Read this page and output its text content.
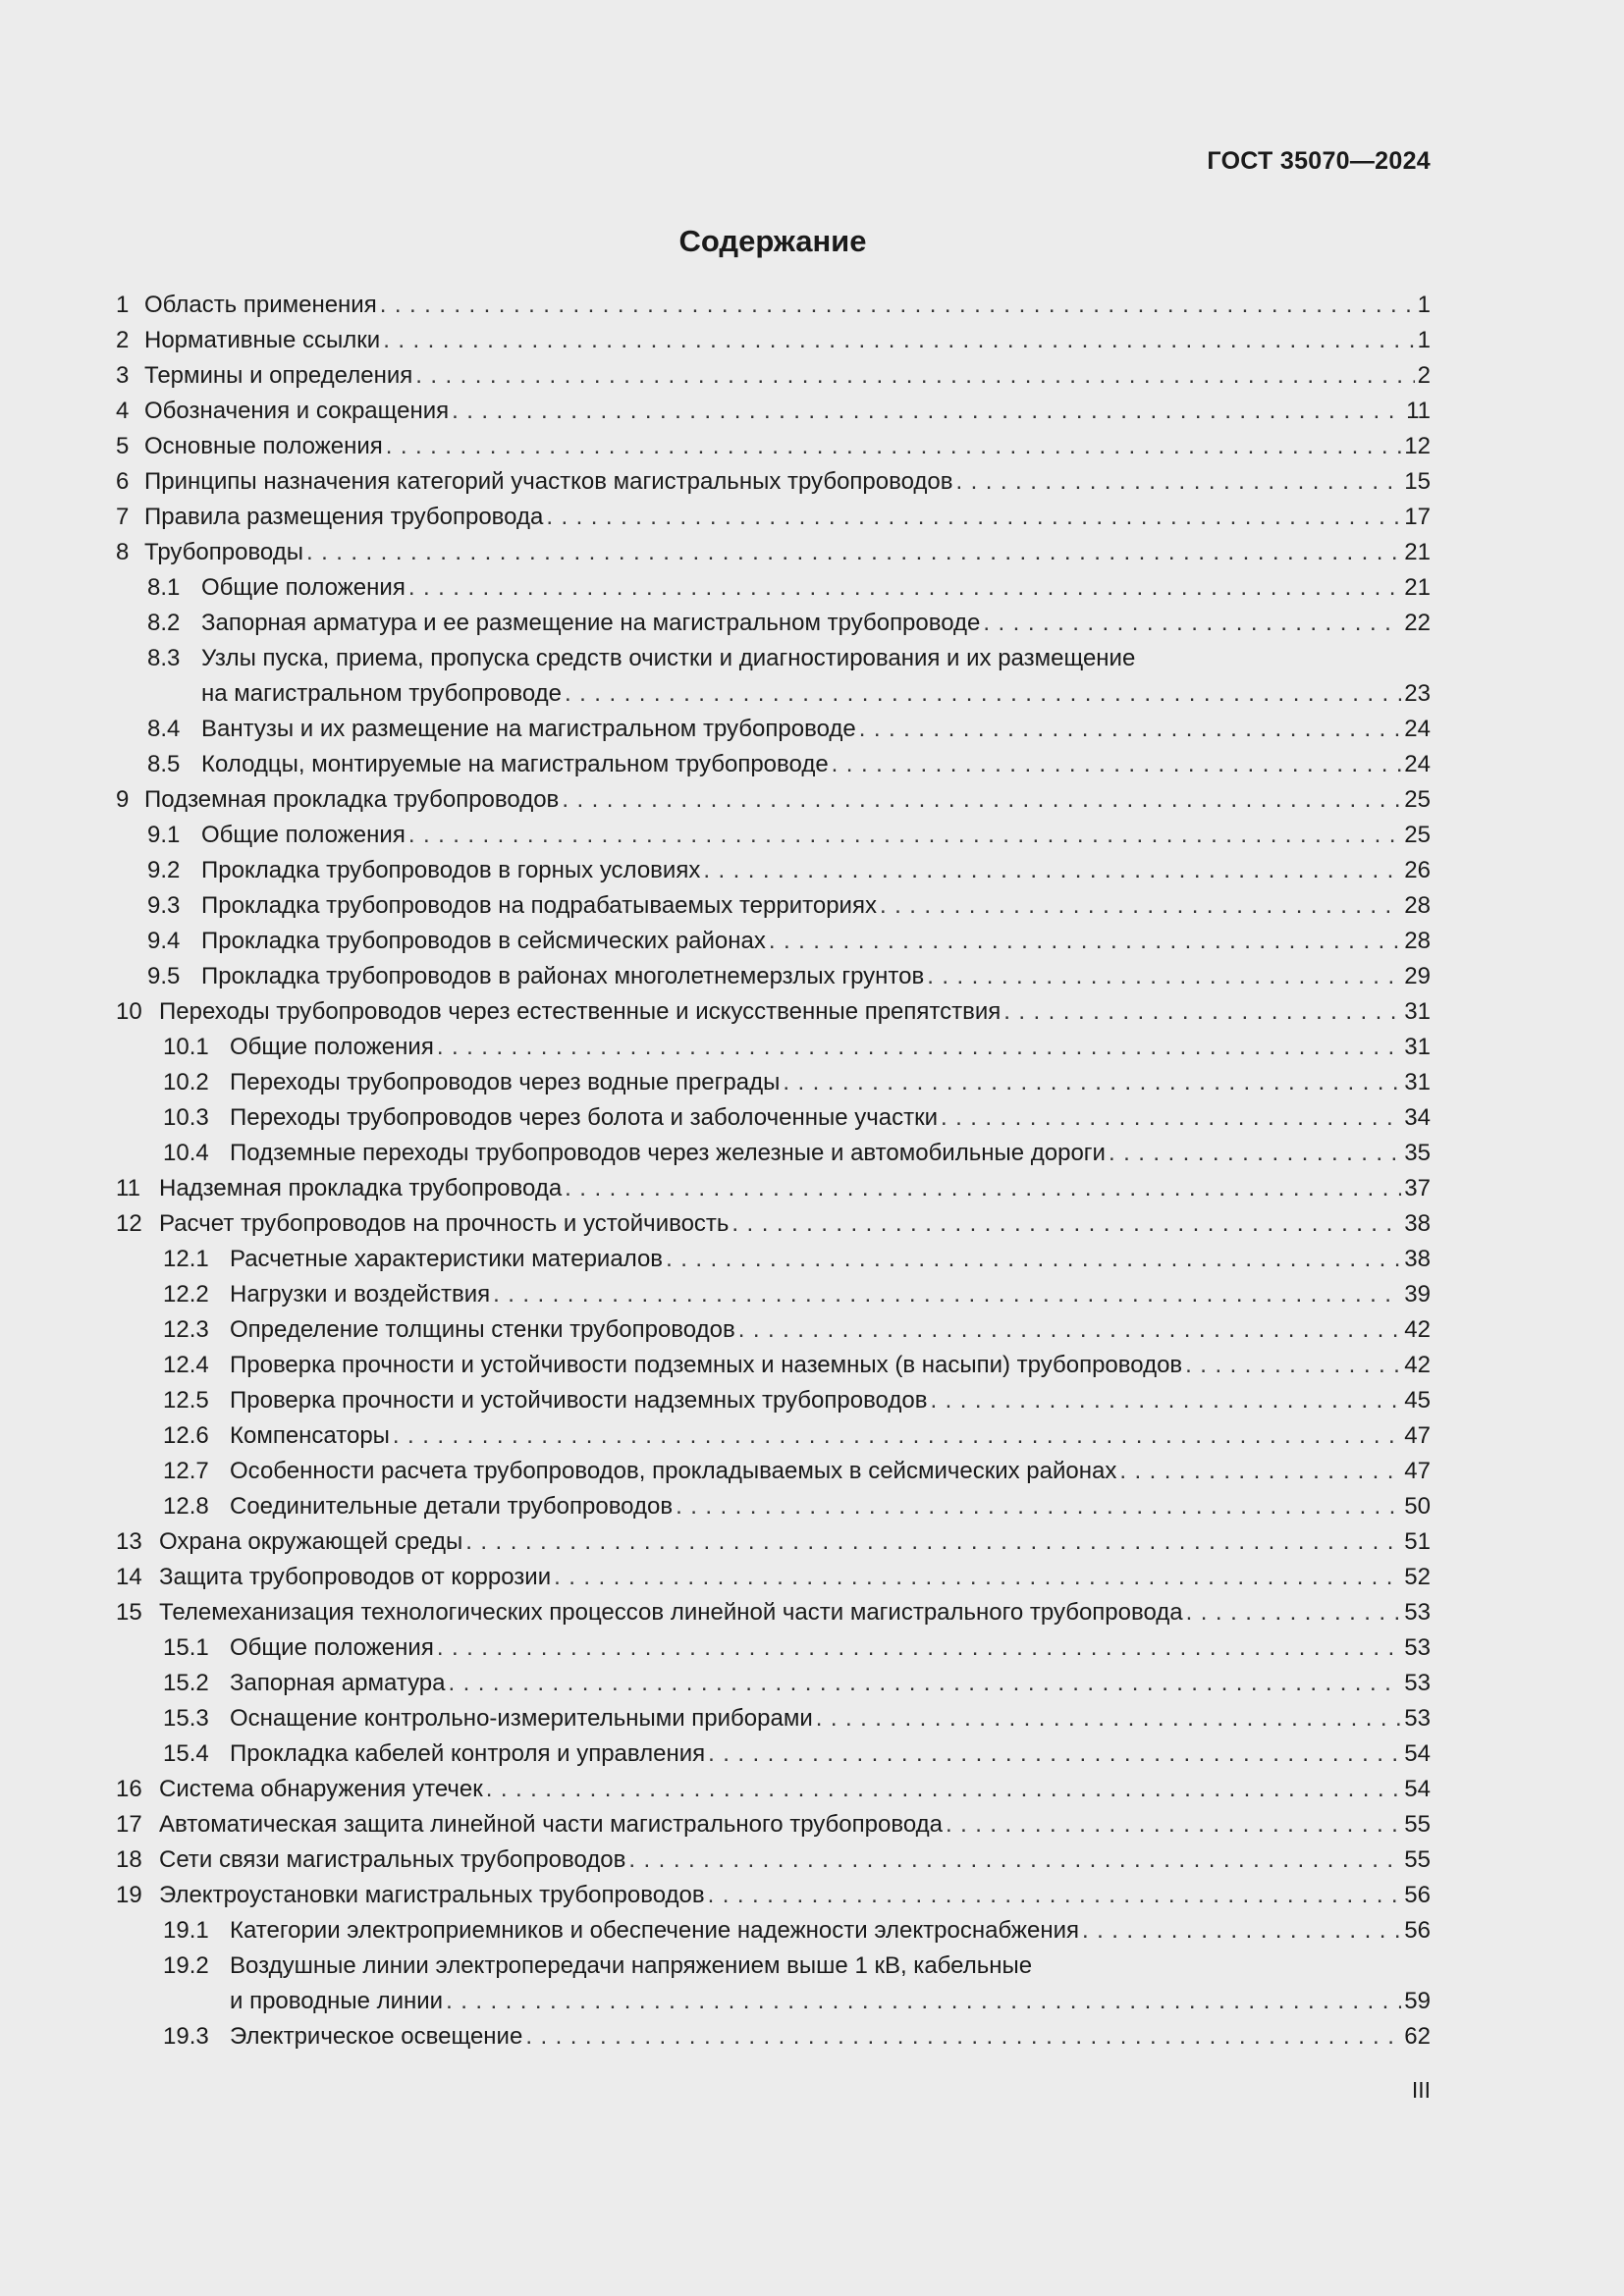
ГОСТ 35070—2024
Содержание
1 Область применения . . .	1
2 Нормативные ссылки . . .	1
3 Термины и определения . . .	2
4 Обозначения и сокращения . . .	11
5 Основные положения . . .	12
6 Принципы назначения категорий участков магистральных трубопроводов . . .	15
7 Правила размещения трубопровода . . .	17
8 Трубопроводы . . .	21
8.1 Общие положения . . .	21
8.2 Запорная арматура и ее размещение на магистральном трубопроводе . . .	22
8.3 Узлы пуска, приема, пропуска средств очистки и диагностирования и их размещение
на магистральном трубопроводе . . .	23
8.4 Вантузы и их размещение на магистральном трубопроводе . . .	24
8.5 Колодцы, монтируемые на магистральном трубопроводе . . .	24
9 Подземная прокладка трубопроводов . . .	25
9.1 Общие положения . . .	25
9.2 Прокладка трубопроводов в горных условиях . . .	26
9.3 Прокладка трубопроводов на подрабатываемых территориях . . .	28
9.4 Прокладка трубопроводов в сейсмических районах . . .	28
9.5 Прокладка трубопроводов в районах многолетнемерзлых грунтов . . .	29
10 Переходы трубопроводов через естественные и искусственные препятствия . . .	31
10.1 Общие положения . . .	31
10.2 Переходы трубопроводов через водные преграды . . .	31
10.3 Переходы трубопроводов через болота и заболоченные участки . . .	34
10.4 Подземные переходы трубопроводов через железные и автомобильные дороги . . .	35
11 Надземная прокладка трубопровода . . .	37
12 Расчет трубопроводов на прочность и устойчивость . . .	38
12.1 Расчетные характеристики материалов . . .	38
12.2 Нагрузки и воздействия . . .	39
12.3 Определение толщины стенки трубопроводов . . .	42
12.4 Проверка прочности и устойчивости подземных и наземных (в насыпи) трубопроводов . . .	42
12.5 Проверка прочности и устойчивости надземных трубопроводов . . .	45
12.6 Компенсаторы . . .	47
12.7 Особенности расчета трубопроводов, прокладываемых в сейсмических районах . . .	47
12.8 Соединительные детали трубопроводов . . .	50
13 Охрана окружающей среды . . .	51
14 Защита трубопроводов от коррозии . . .	52
15 Телемеханизация технологических процессов линейной части магистрального трубопровода . . .	53
15.1 Общие положения . . .	53
15.2 Запорная арматура . . .	53
15.3 Оснащение контрольно-измерительными приборами . . .	53
15.4 Прокладка кабелей контроля и управления . . .	54
16 Система обнаружения утечек . . .	54
17 Автоматическая защита линейной части магистрального трубопровода . . .	55
18 Сети связи магистральных трубопроводов . . .	55
19 Электроустановки магистральных трубопроводов . . .	56
19.1 Категории электроприемников и обеспечение надежности электроснабжения . . .	56
19.2 Воздушные линии электропередачи напряжением выше 1 кВ, кабельные
и проводные линии . . .	59
19.3 Электрическое освещение . . .	62
III
